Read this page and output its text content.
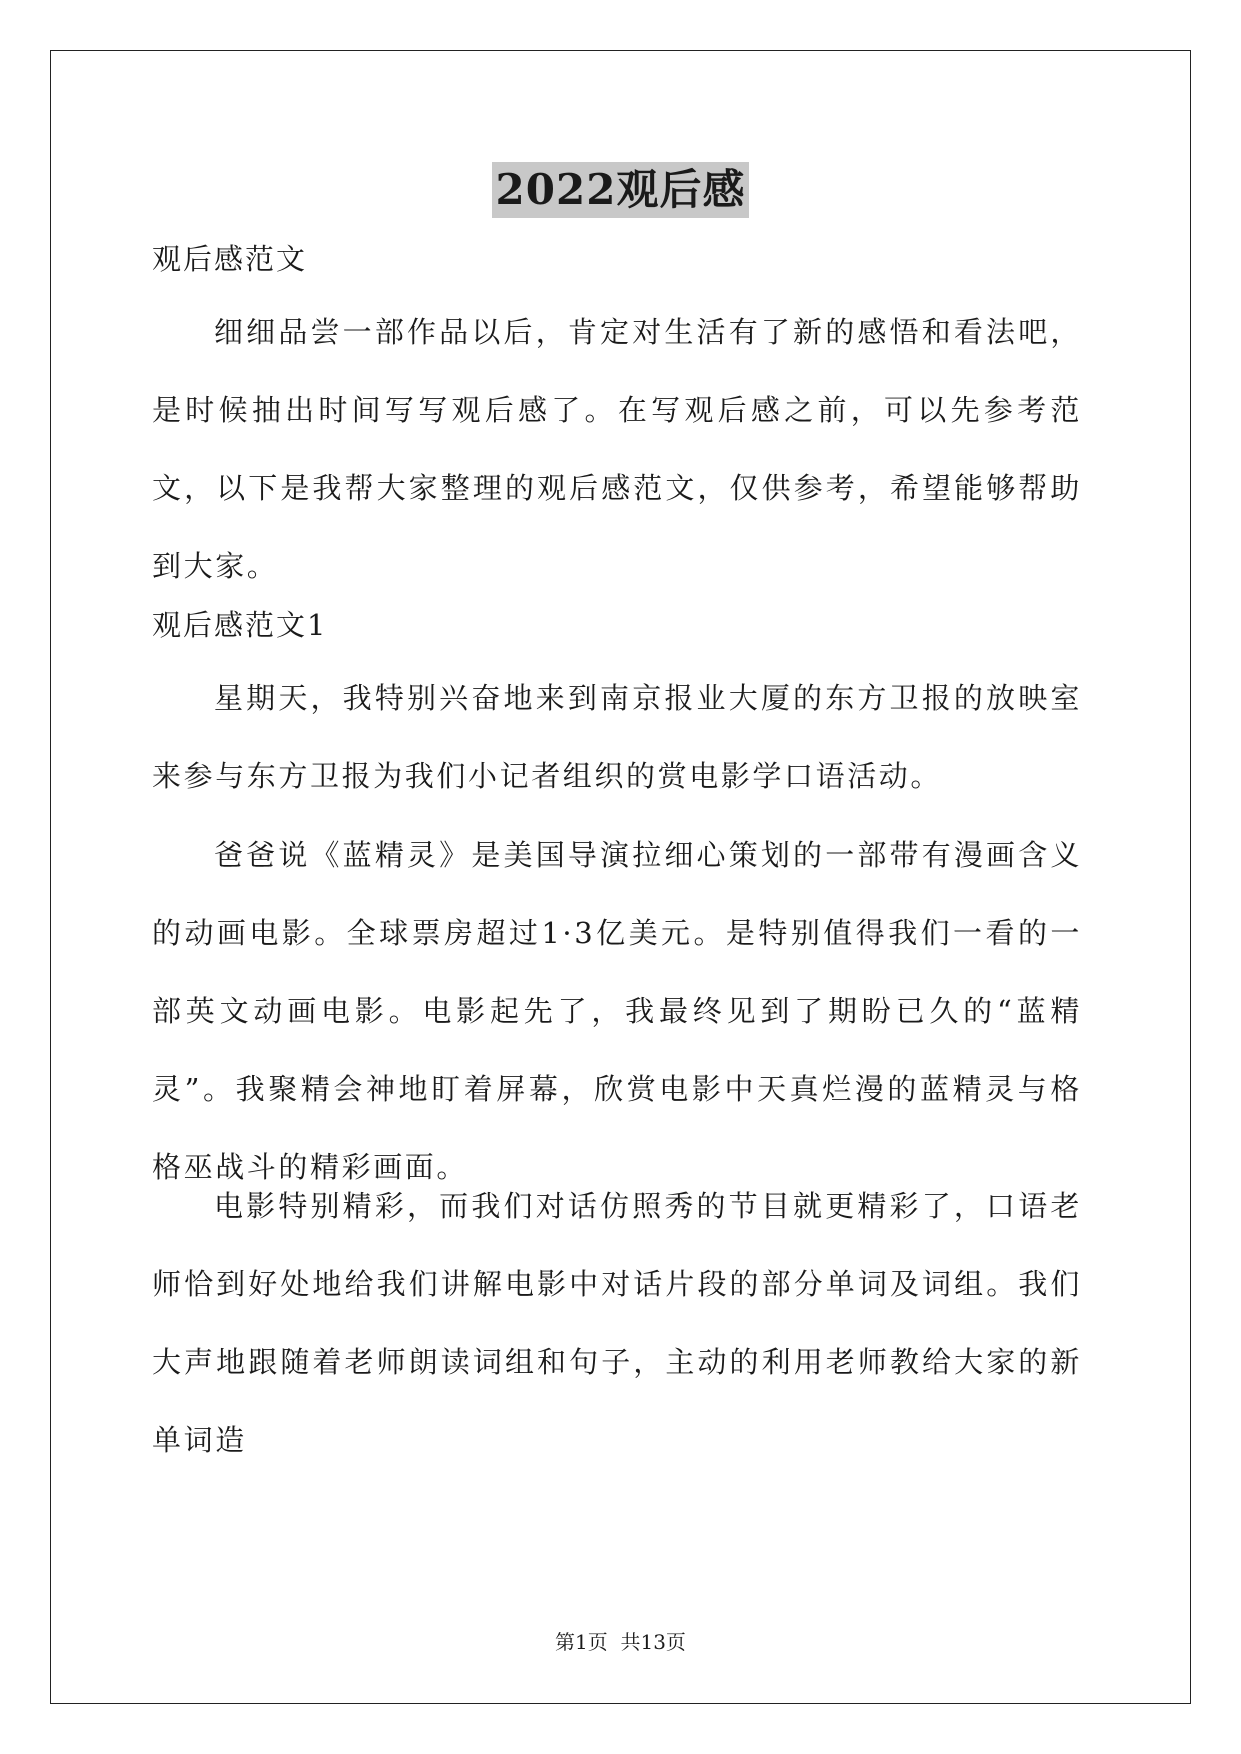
2022观后感
观后感范文

细细品尝一部作品以后，肯定对生活有了新的感悟和看法吧，是时候抽出时间写写观后感了。在写观后感之前，可以先参考范文，以下是我帮大家整理的观后感范文，仅供参考，希望能够帮助到大家。

观后感范文1

星期天，我特别兴奋地来到南京报业大厦的东方卫报的放映室来参与东方卫报为我们小记者组织的赏电影学口语活动。

爸爸说《蓝精灵》是美国导演拉细心策划的一部带有漫画含义的动画电影。全球票房超过1·3亿美元。是特别值得我们一看的一部英文动画电影。电影起先了，我最终见到了期盼已久的“蓝精灵”。我聚精会神地盯着屏幕，欣赏电影中天真烂漫的蓝精灵与格格巫战斗的精彩画面。

电影特别精彩，而我们对话仿照秀的节目就更精彩了，口语老师恰到好处地给我们讲解电影中对话片段的部分单词及词组。我们大声地跟随着老师朗读词组和句子，主动的利用老师教给大家的新单词造

第1页  共13页
